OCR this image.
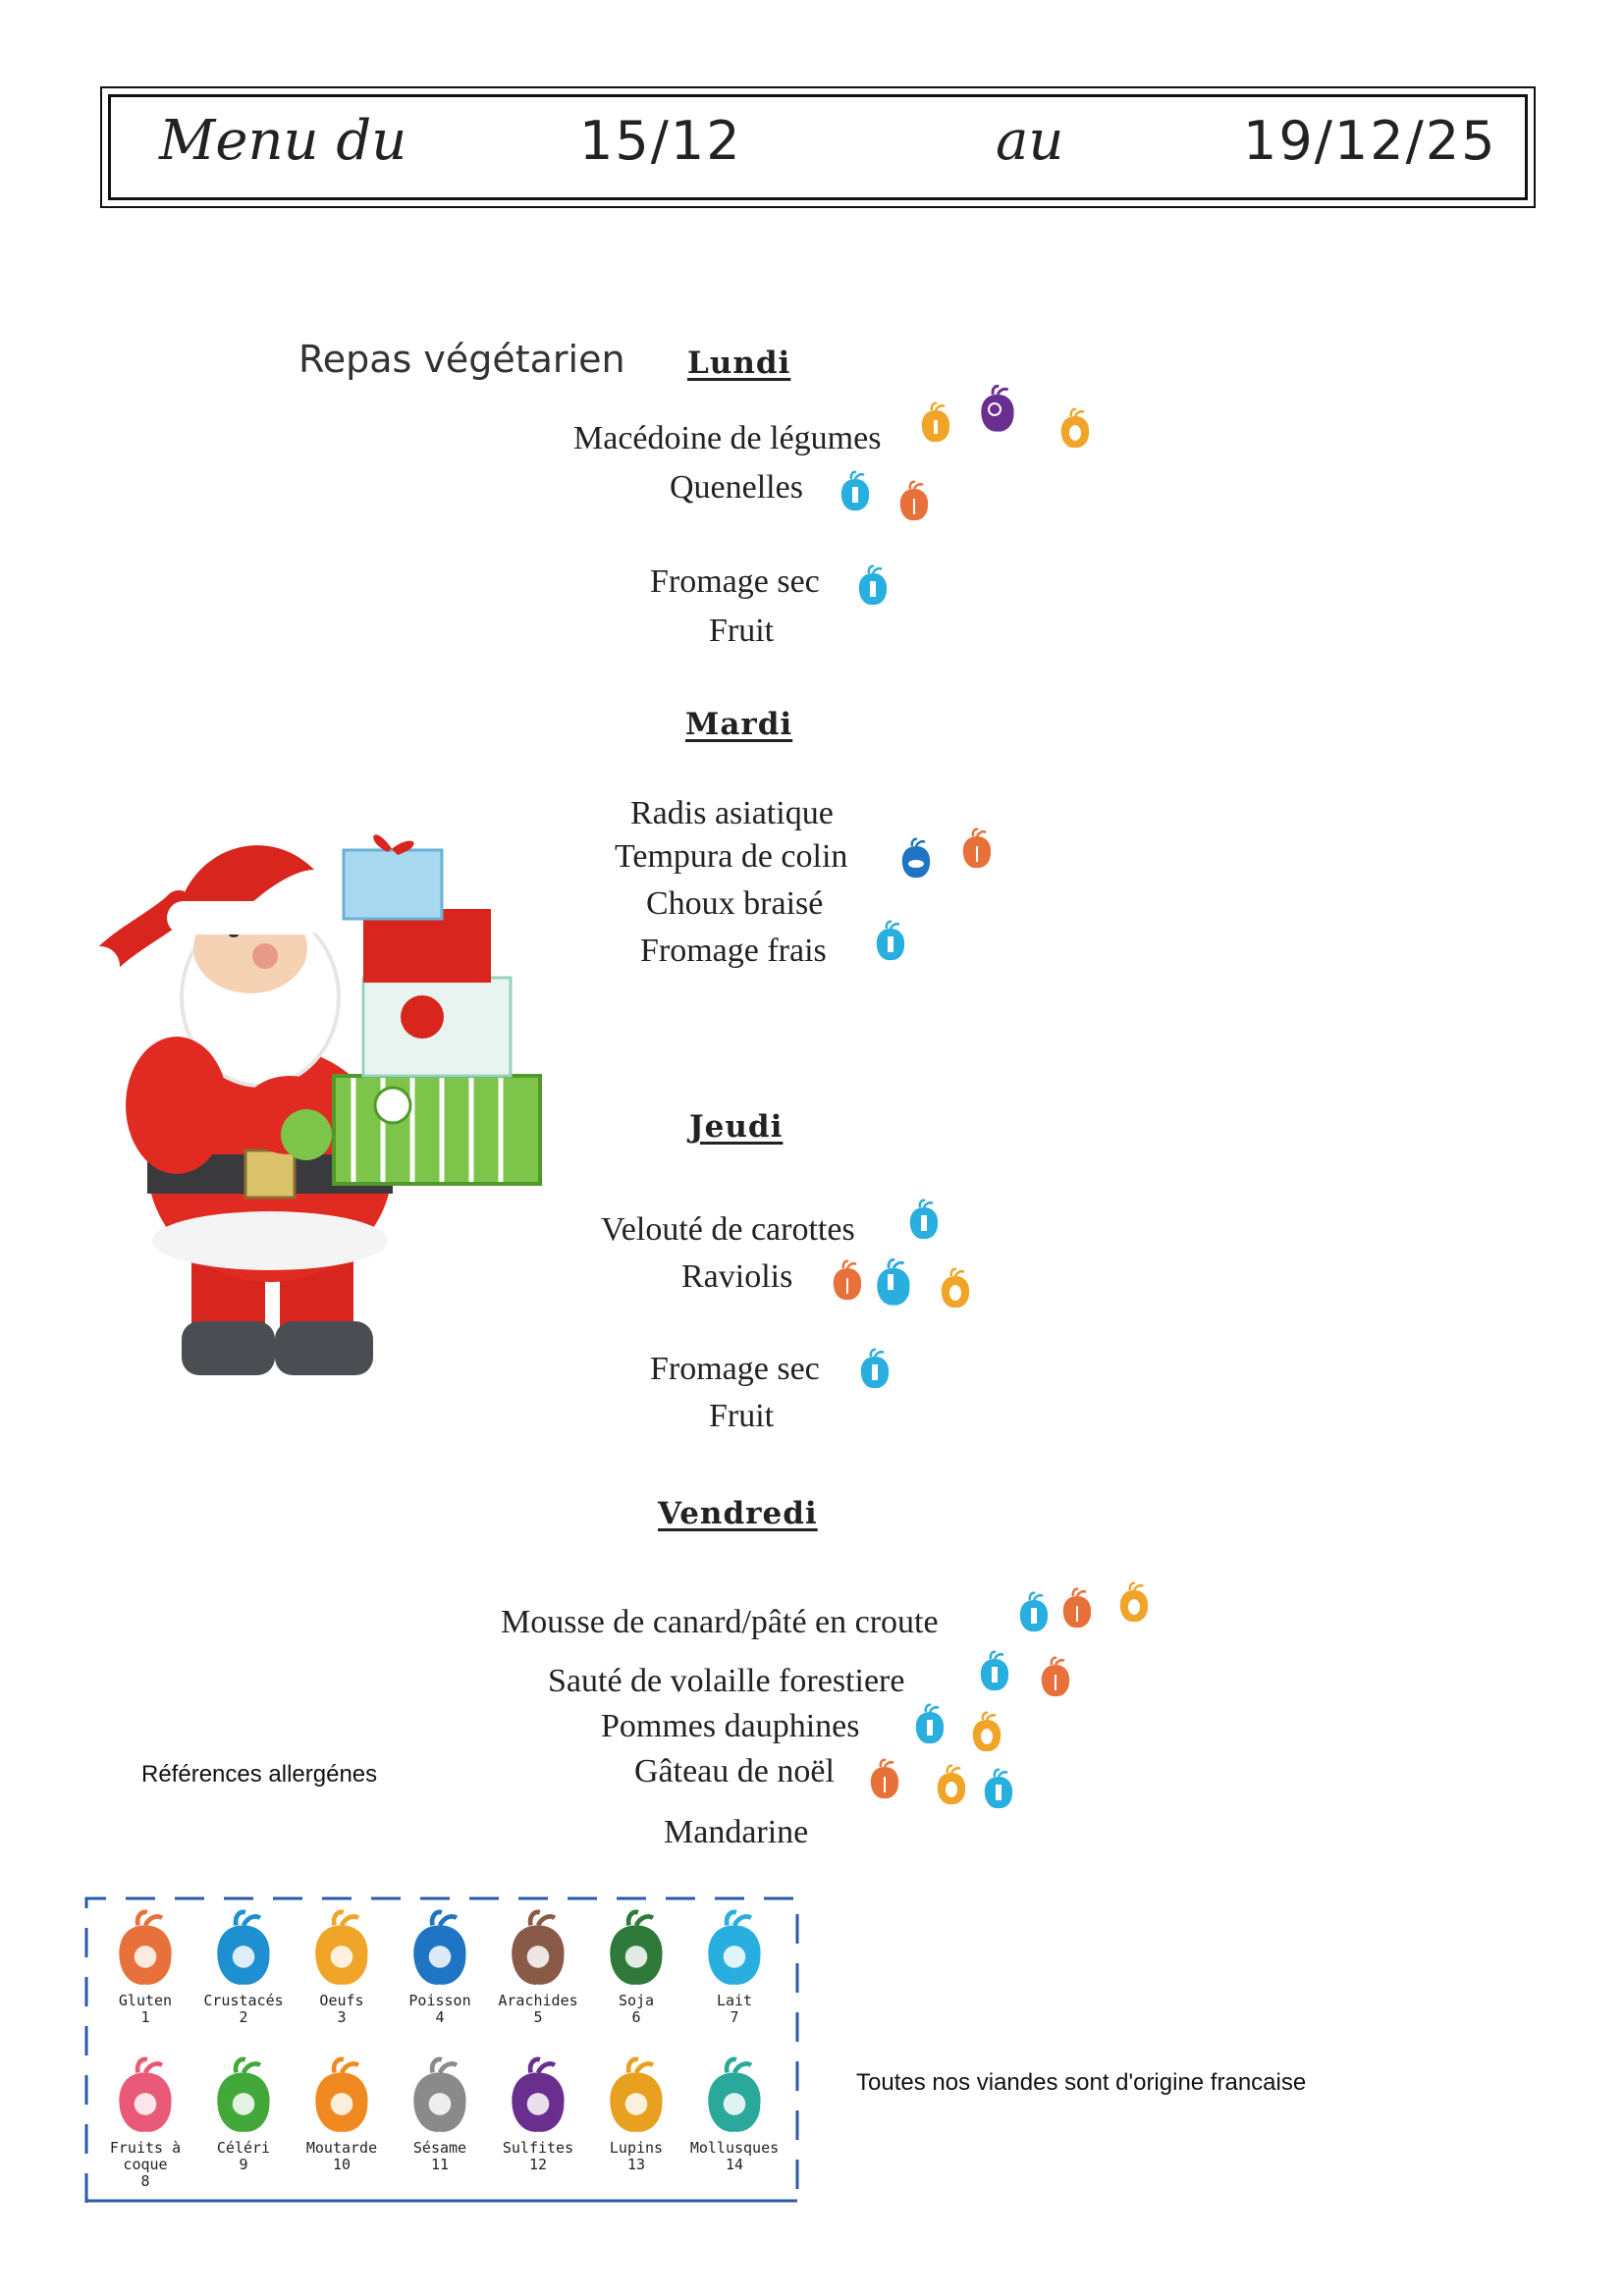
Menu du	15/12	au	19/12/25
Repas végétarien Lundi
Macédoine de légumes
Quenelles
Fromage sec
Fruit
Mardi
Radis asiatique
Tempura de colin
Choux braisé
Fromage frais
Jeudi
Velouté de carottes
Raviolis
Fromage sec
Fruit
Vendredi
Mousse de canard/pâté en croute
Sauté de volaille forestiere
Pommes dauphines
Gâteau de noël
Mandarine
Références allergénes
Toutes nos viandes sont d'origine francaise
Gluten
1
Crustacés
2
Oeufs
3
Poisson
4
Arachides
5
Soja
6
Lait
7
Fruits à coque
8
Céléri
9
Moutarde
10
Sésame
11
Sulfites
12
Lupins
13
Mollusques
14
